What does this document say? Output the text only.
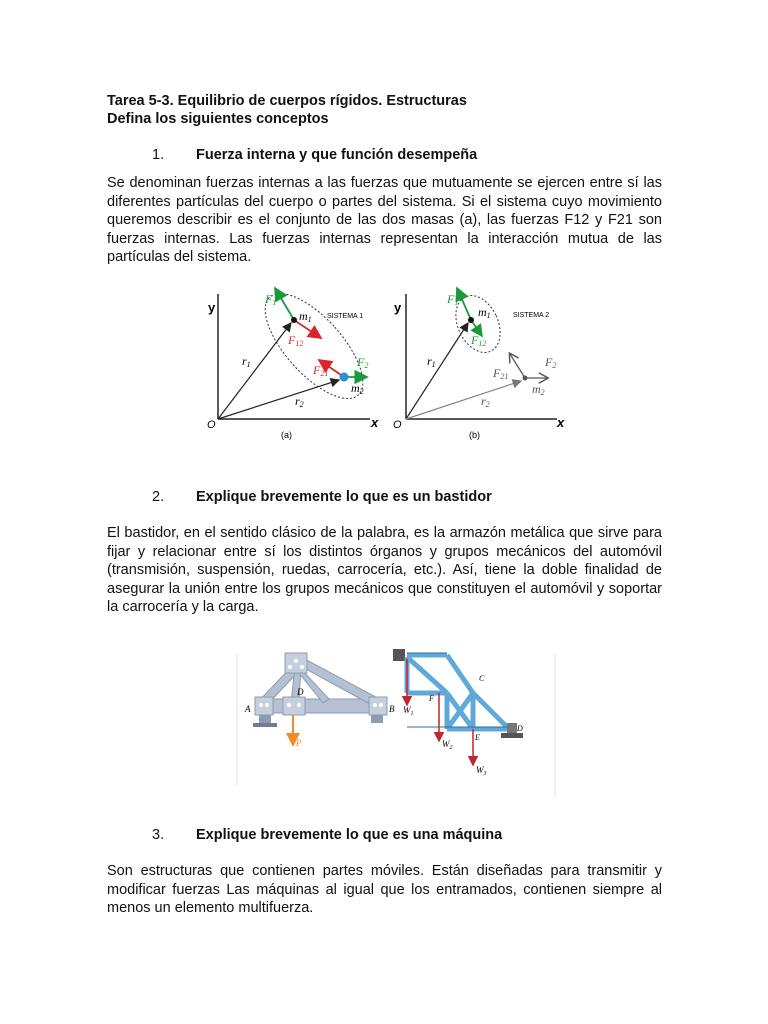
Tarea 5-3. Equilibrio de cuerpos rígidos. Estructuras
Defina los siguientes conceptos
1. Fuerza interna y que función desempeña
Se denominan fuerzas internas a las fuerzas que mutuamente se ejercen entre sí las diferentes partículas del cuerpo o partes del sistema. Si el sistema cuyo movimiento queremos describir es el conjunto de las dos masas (a), las fuerzas F12 y F21 son fuerzas internas. Las fuerzas internas representan la interacción mutua de las partículas del sistema.
y
x
O
(a)
SISTEMA 1
m1
m2
r1
r2
F1
F12
F21
F2
y
x
O
(b)
SISTEMA 2
m1
m2
r1
r2
F1
F12
F21
F2
2. Explique brevemente lo que es un bastidor
El bastidor, en el sentido clásico de la palabra, es la armazón metálica que sirve para fijar y relacionar entre sí los distintos órganos y grupos mecánicos del automóvil (transmisión, suspensión, ruedas, carrocería, etc.). Así, tiene la doble finalidad de asegurar la unión entre los grupos mecánicos que constituyen el automóvil y soportar la carrocería y la carga.
A	B
D
P
C
F
E
D
$W_1$
$W_2$
$W_3$
3. Explique brevemente lo que es una máquina
Son estructuras que contienen partes móviles. Están diseñadas para transmitir y modificar fuerzas Las máquinas al igual que los entramados, contienen siempre al menos un elemento multifuerza.
